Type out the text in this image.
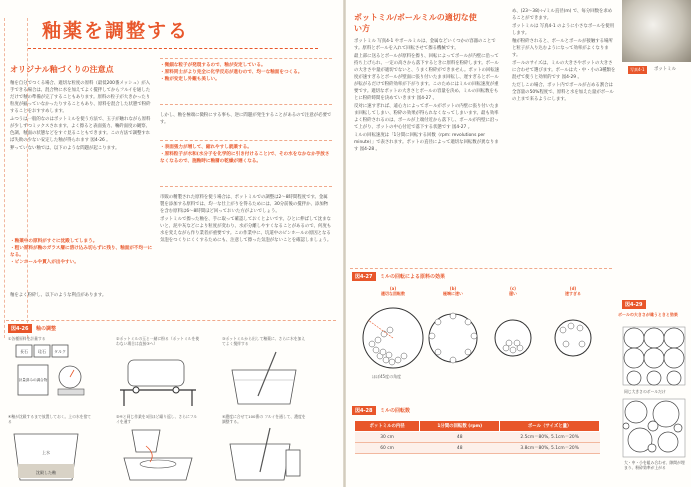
釉薬を調整する
オリジナル釉づくりの注意点

釉を自分でつくる場合、適切な粒度の原料（最低200番メッシュ）が入手できる場合は、混合物に水を加えてよく撹拌してからフルイを通しただけで釉の準備が完了することもあります。原料の粒子が大きかったり粒度が揃っていなかったりすることもあり、原料を混合した状態で粉砕することをおすすめします。

ふつうは一般的なのはポットミルを使う方法で、玉子が触れながら原料が少しずつミックスされます。よく擦ると表面張力、噛砕面度の観察、色調、釉面の状態などをすぐ見ることもできます。この方法で調整すれば失敗の少ない安定した釉が得られます 図4-26 。

狎っていない釉では、以下のような問題が起こります。

・釉薬中の原料がすぐに沈殿してしまう。
・粗い原料が釉のガラス層に溶け込み切らずに残り、釉面が不均一になる。
・ピンホールや貫入が出やすい。
釉をよく粉砕し、以下のような利点があります。
・微細な粒子が発現するので、釉が安定している。
・原料同士がより完全に化学反応が進むので、均一な釉面をつくる。
・釉が安定し外観も美しい。
しかし、釉を極端に微粉にする事も、逆に問題が発生することがあるので注意が必要です。
・表面張力が増して、縮れやすし就薬する。
・原料粒子が水和(水分子を化学的に引き付けること)で、その水をなかなか手放さなくなるので、施釉時に釉層の乾燥が遅くなる。

市販の精製された原料を使う場合は、ポットミルでの調整は2〜8時間程度です。金属製を添加する原料では、均一な仕上がりを得るためには、30分前後の撹拌か、添加物を含む原料は6〜8時間ほど回っておいた方がよいでしょう。

ポットミルで擦った釉を、手に取って確認しておくとよいです。ひとに伸ばして沈まないと、泥や灰などにより粒度が変わり、水が分離しやすくなることがあるので、何度も水を変えながら作り業者が重要です。この作業中に、坑道中のピンホールの原因となる気泡をつくりにくくするためにも、注意して擦った気泡がないことを確認しましょう。

図4-26	釉の調整

①各種原料を計量する

長石	珪石 タルク
計量済みの調合物

②ポットミルの玉と一緒に粉る（ポットミルを使わない場合は直接③へ）

③ポットミルから出して釉薬に、さらに水を加えてよく撹拌する

④釉が沈殿するまで放置しておく。上の水を捨てる

上水
沈殿した釉

⑤④と同じ作業を3回ほど繰り返し、さらにフルイを通す

⑥濃度に合せて100番の フルイを通して、濃度を調整する。

ポットミル/ボールミルの適切な使い方

ポットミル 写真4-1 やボールミルは、金属などいくつかの容器のことです。原料とボールを入れて回転させて擦る機械です。

最上部に送るとボールが原料を擦り、回転によってボールが内壁に沿って持ち上げられ、一定の高さから落下するときに原料を粉砕します。ボールの大きさや量が適切でないと、うまく粉砕ができません。ポットの回転速度が速すぎるとボールが壁面に張り付いたまま回転し、遅すぎるとボールが転がるだけで粉砕効率が下がります。このためにはミルの回転速度が重要です。適切なポットの大きさとボールの容量を決め、ミルの回転数をもとに粉砕時間を決めていきます 図4-27 。

反対に速すぎれば、遠心力によってボールがポットの内壁に張り付いたまま回転してしまい、粉砕の効果が得られなくなってしまいます。最も効率よく粉砕されるのは、ボールが上端付近から落下し、ボールが内壁に沿って上がり、ポットの中心付近で落下する状態です 図4-27 。

ミルの回転速度は「1分間に回転する回数（rpm: revolutions per minute）」で表されます。ポットの直径によって適切な回転数が異なります 図4-28 。

め、(23〜38)÷√ミル直径(m) で、毎分回数を求めることができます。

ポットミルは 写真4-1 のように小さなボールを使用します。

釉が粉砕されると、ボールとボールが接触する場所と粒子が入り込むようになって効率がよくなります。

ボールのサイズは、ミルの大きさやポットの大きさに合わせて選びます。ボールは大・中・小の3種類を混ぜて使うと効果的です 図4-29 。

ただしこの場合、ポット内でボールが占める割合は全容量の50%程度で、原料と水を加えた量がボールの上まで来るようにします。

写真4-1	ポットミル
図4-27	ミルの回転による原料の効果
(a)
適切な回転数
(b)
極端に速い
(c)
遅い
(d)
速すぎる
ほぼ45度の角度
図4-28	ミルの回転数
ポットミルの内径	1分間の回転数 (rpm)	ボール（サイズと量）
30 cm	48	2.5cm＝80%, 5.1cm＝20%
60 cm	48	3.8cm＝80%, 5.1cm＝20%
図4-29
ボールの大きさが違うときと効果
同じ大きさのボールだけ
大・中・小を組み合わせ、隙間が埋まり、粉砕効率が上がる
